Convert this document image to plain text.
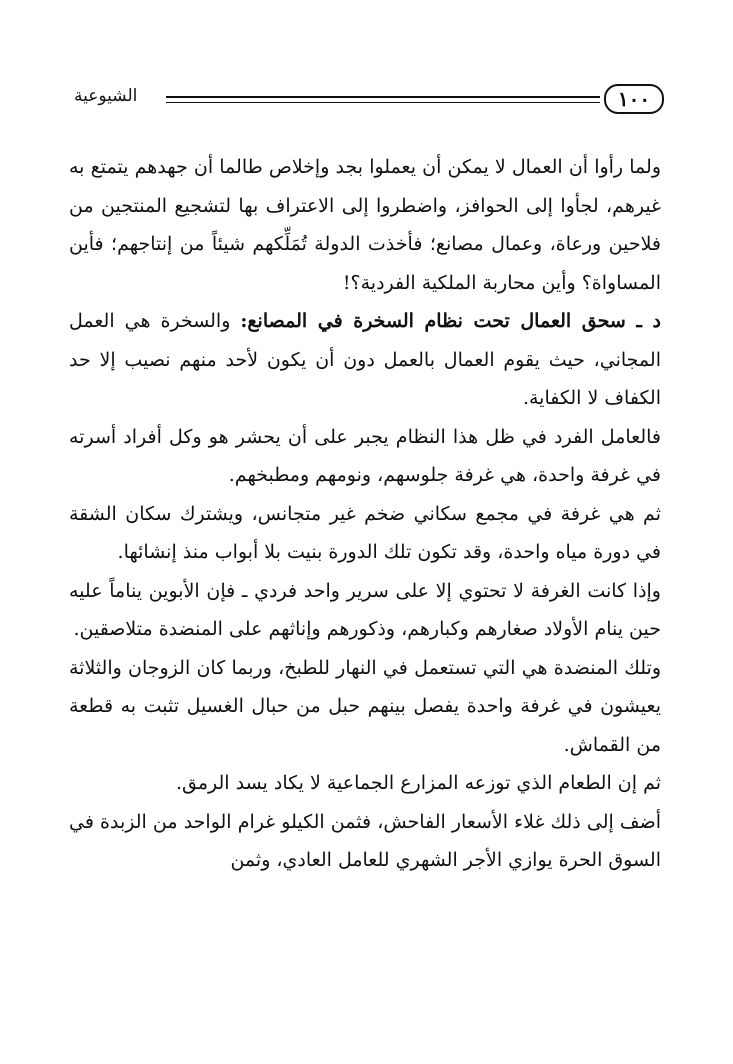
١٠٠
الشيوعية

ولما رأوا أن العمال لا يمكن أن يعملوا بجد وإخلاص طالما أن جهدهم يتمتع به غيرهم، لجأوا إلى الحوافز، واضطروا إلى الاعتراف بها لتشجيع المنتجين من فلاحين ورعاة، وعمال مصانع؛ فأخذت الدولة تُمَلِّكهم شيئاً من إنتاجهم؛ فأين المساواة؟ وأين محاربة الملكية الفردية؟!

د ـ سحق العمال تحت نظام السخرة في المصانع: والسخرة هي العمل المجاني، حيث يقوم العمال بالعمل دون أن يكون لأحد منهم نصيب إلا حد الكفاف لا الكفاية.

فالعامل الفرد في ظل هذا النظام يجبر على أن يحشر هو وكل أفراد أسرته في غرفة واحدة، هي غرفة جلوسهم، ونومهم ومطبخهم.

ثم هي غرفة في مجمع سكاني ضخم غير متجانس، ويشترك سكان الشقة في دورة مياه واحدة، وقد تكون تلك الدورة بنيت بلا أبواب منذ إنشائها.

وإذا كانت الغرفة لا تحتوي إلا على سرير واحد فردي ـ فإن الأبوين يناماً عليه حين ينام الأولاد صغارهم وكبارهم، وذكورهم وإناثهم على المنضدة متلاصقين.

وتلك المنضدة هي التي تستعمل في النهار للطبخ، وربما كان الزوجان والثلاثة يعيشون في غرفة واحدة يفصل بينهم حبل من حبال الغسيل تثبت به قطعة من القماش.

ثم إن الطعام الذي توزعه المزارع الجماعية لا يكاد يسد الرمق.

أضف إلى ذلك غلاء الأسعار الفاحش، فثمن الكيلو غرام الواحد من الزبدة في السوق الحرة يوازي الأجر الشهري للعامل العادي، وثمن
